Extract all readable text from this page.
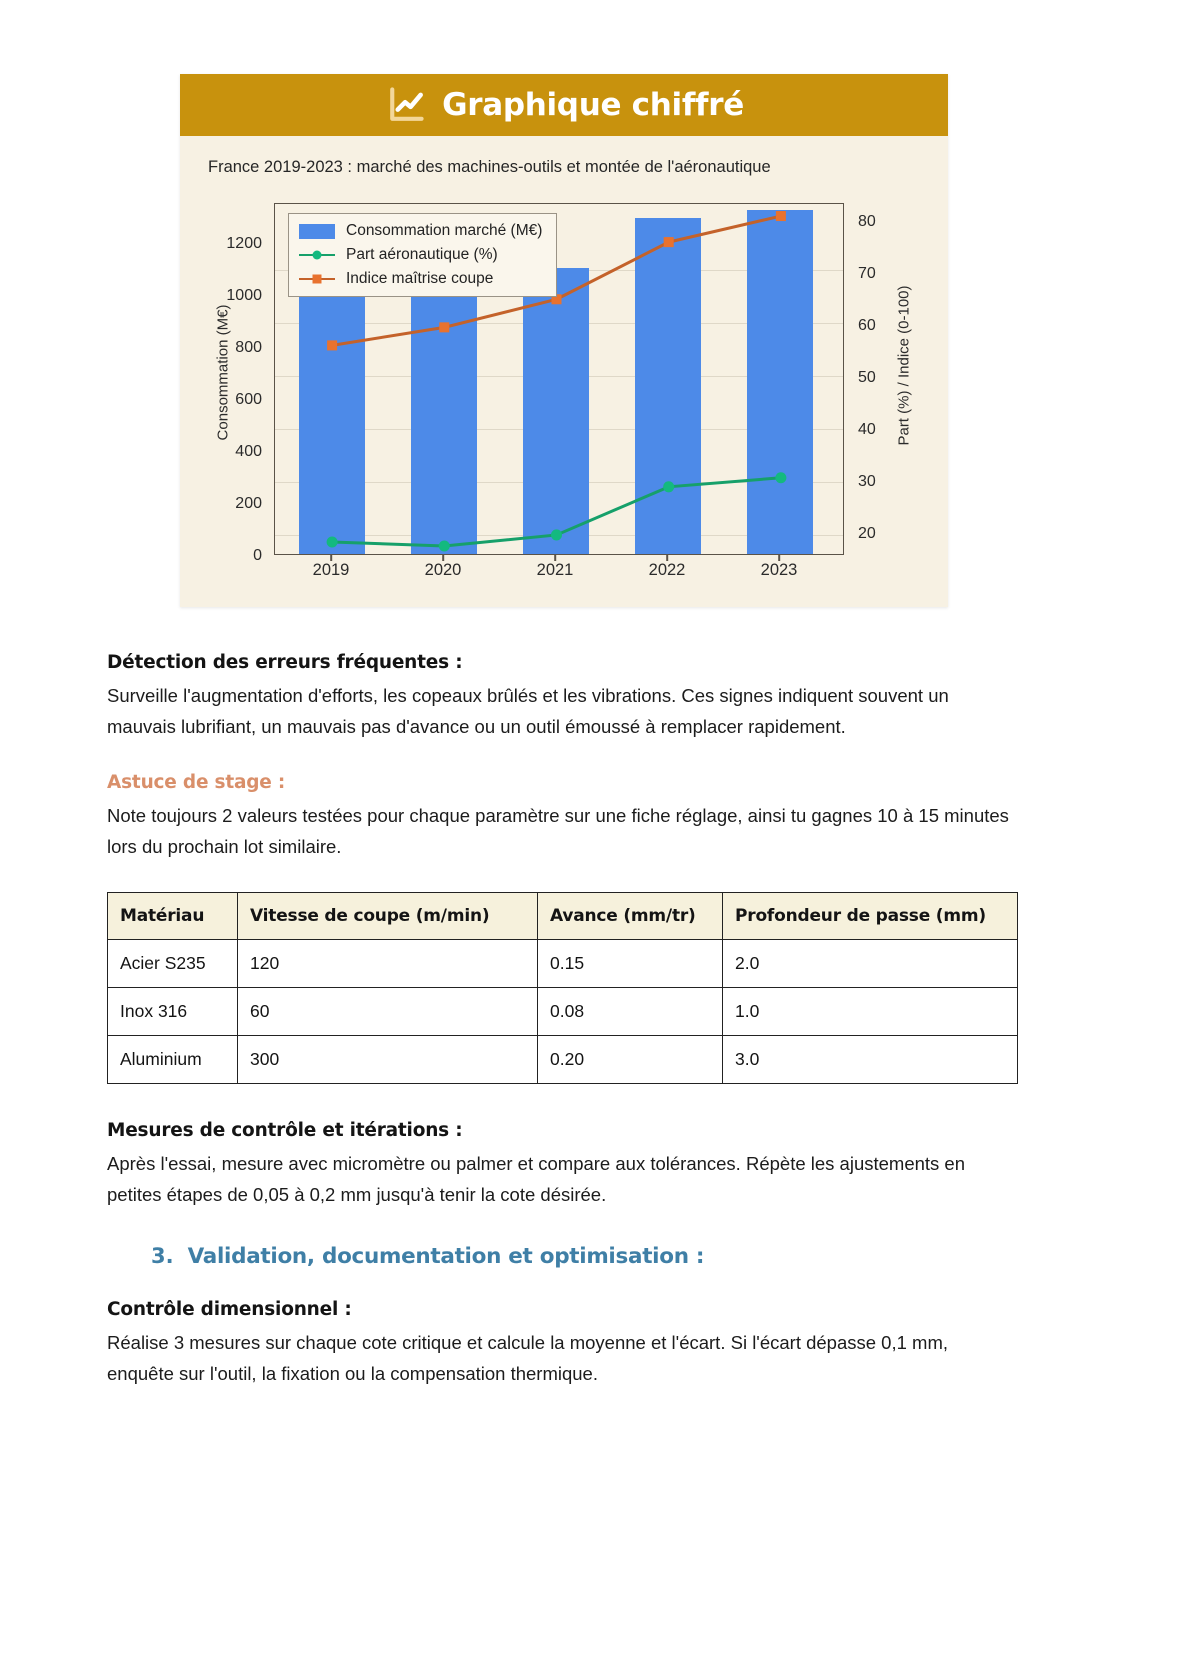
Graphique chiffré
France 2019-2023 : marché des machines-outils et montée de l'aéronautique
Consommation (M€)	Part (%) / Indice (0-100)
0
200
400
600
800
1000
1200
20
30
40
50
60
70
80
Consommation marché (M€)
Part aéronautique (%)
Indice maîtrise coupe
2019	2020	2021	2022	2023
Détection des erreurs fréquentes :

Surveille l'augmentation d'efforts, les copeaux brûlés et les vibrations. Ces signes indiquent souvent un mauvais lubrifiant, un mauvais pas d'avance ou un outil émoussé à remplacer rapidement.

Astuce de stage :

Note toujours 2 valeurs testées pour chaque paramètre sur une fiche réglage, ainsi tu gagnes 10 à 15 minutes lors du prochain lot similaire.

Matériau	Vitesse de coupe (m/min)	Avance (mm/tr)	Profondeur de passe (mm)
Acier S235	120	0.15	2.0
Inox 316	60	0.08	1.0
Aluminium	300	0.20	3.0
Mesures de contrôle et itérations :

Après l'essai, mesure avec micromètre ou palmer et compare aux tolérances. Répète les ajustements en petites étapes de 0,05 à 0,2 mm jusqu'à tenir la cote désirée.

3. Validation, documentation et optimisation :
Contrôle dimensionnel :

Réalise 3 mesures sur chaque cote critique et calcule la moyenne et l'écart. Si l'écart dépasse 0,1 mm, enquête sur l'outil, la fixation ou la compensation thermique.
